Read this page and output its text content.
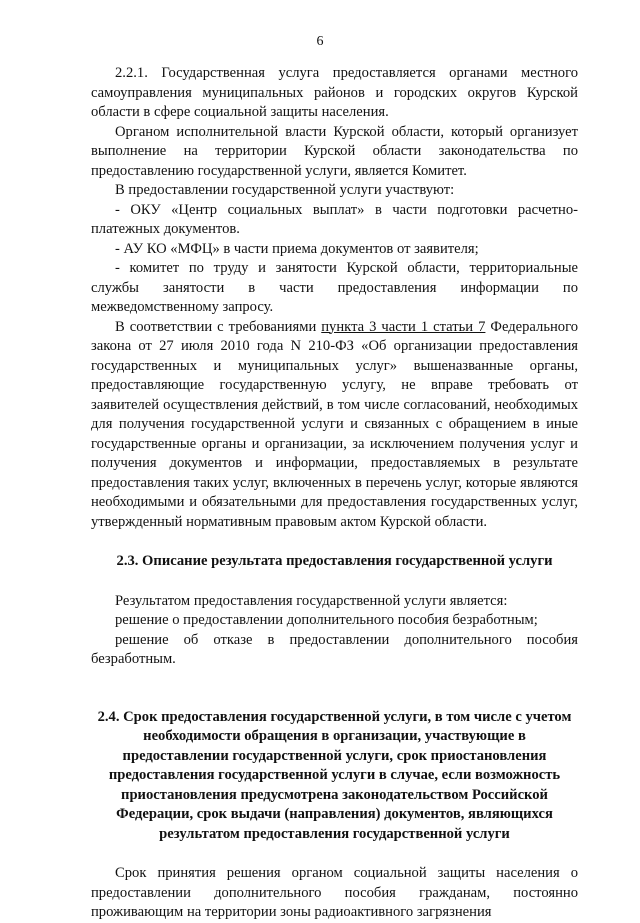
6

2.2.1. Государственная услуга предоставляется органами местного самоуправления муниципальных районов и городских округов Курской области в сфере социальной защиты населения.

Органом исполнительной власти Курской области, который организует выполнение на территории Курской области законодательства по предоставлению государственной услуги, является Комитет.

В предоставлении государственной услуги участвуют:

- ОКУ «Центр социальных выплат» в части подготовки расчетно-платежных документов.

- АУ КО «МФЦ» в части приема документов от заявителя;

- комитет по труду и занятости Курской области, территориальные службы занятости в части предоставления информации по межведомственному запросу.

В соответствии с требованиями пункта 3 части 1 статьи 7 Федерального закона от 27 июля 2010 года N 210-ФЗ «Об организации предоставления государственных и муниципальных услуг» вышеназванные органы, предоставляющие государственную услугу, не вправе требовать от заявителей осуществления действий, в том числе согласований, необходимых для получения государственной услуги и связанных с обращением в иные государственные органы и организации, за исключением получения услуг и получения документов и информации, предоставляемых в результате предоставления таких услуг, включенных в перечень услуг, которые являются необходимыми и обязательными для предоставления государственных услуг, утвержденный нормативным правовым актом Курской области.

2.3. Описание результата предоставления государственной услуги

Результатом предоставления государственной услуги является:

решение о предоставлении дополнительного пособия безработным;

решение об отказе в предоставлении дополнительного пособия безработным.

2.4. Срок предоставления государственной услуги, в том числе с учетом необходимости обращения в организации, участвующие в предоставлении государственной услуги, срок приостановления предоставления государственной услуги в случае, если возможность приостановления предусмотрена законодательством Российской Федерации, срок выдачи (направления) документов, являющихся результатом предоставления государственной услуги

Срок принятия решения органом социальной защиты населения о предоставлении дополнительного пособия гражданам, постоянно проживающим на территории зоны радиоактивного загрязнения
